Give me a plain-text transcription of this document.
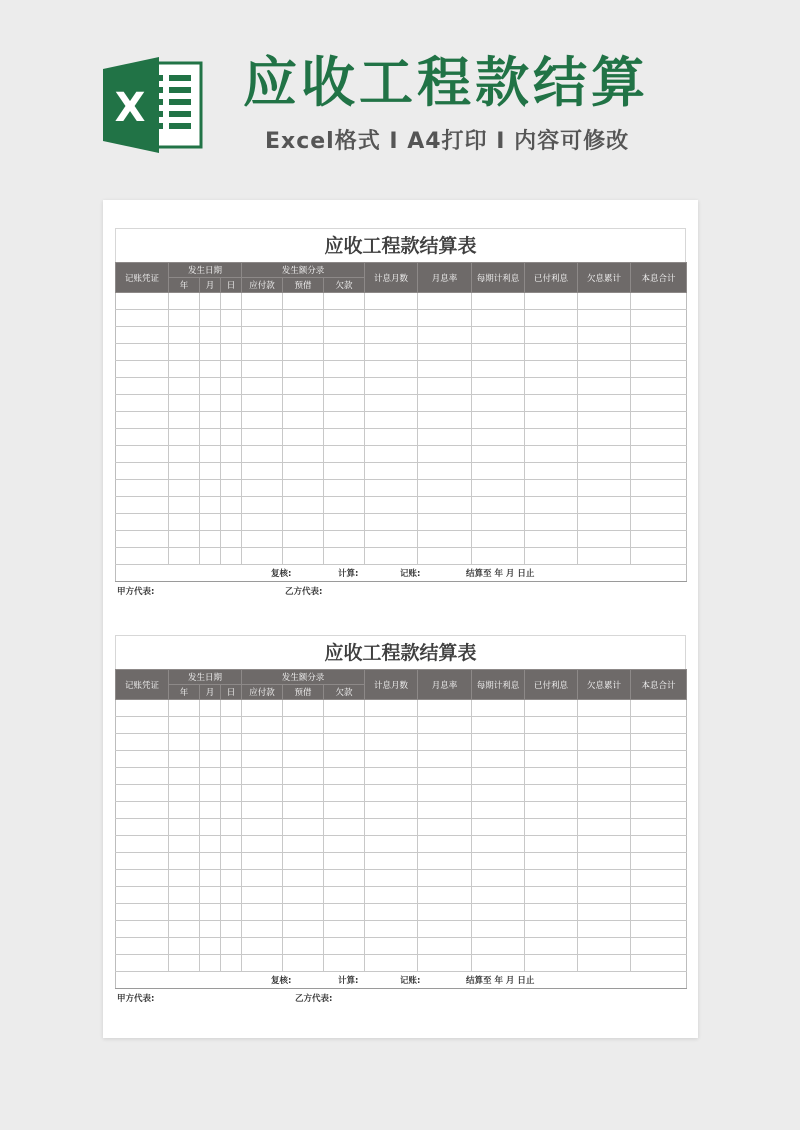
X 应收工程款结算
Excel格式 Ⅰ A4打印 Ⅰ 内容可修改
应收工程款结算表
记账凭证	发生日期			发生额分录			计息月数	月息率	每期计利息	已付利息	欠息累计	本息合计
	年	月	日	应付款	预借	欠款						

复核: 计算: 记账: 结算至 年 月 日止												
甲方代表:	乙方代表:
应收工程款结算表
记账凭证	发生日期			发生额分录			计息月数	月息率	每期计利息	已付利息	欠息累计	本息合计
	年	月	日	应付款	预借	欠款						

复核: 计算: 记账: 结算至 年 月 日止												
甲方代表:	乙方代表:
